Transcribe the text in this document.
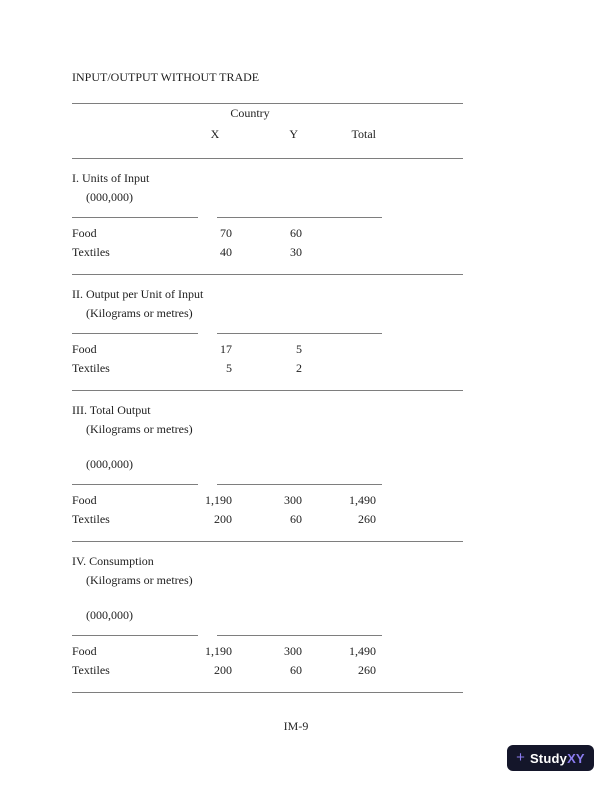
INPUT/OUTPUT WITHOUT TRADE
Country
X	Y	Total
I. Units of Input
(000,000)
Food	70	60
Textiles	40	30
II. Output per Unit of Input
(Kilograms or metres)
Food	17	5
Textiles	5	2
III. Total Output
(Kilograms or metres)
(000,000)
Food	1,190	300	1,490
Textiles	200	60	260
IV. Consumption
(Kilograms or metres)
(000,000)
Food	1,190	300	1,490
Textiles	200	60	260
IM-9
+ StudyXY
